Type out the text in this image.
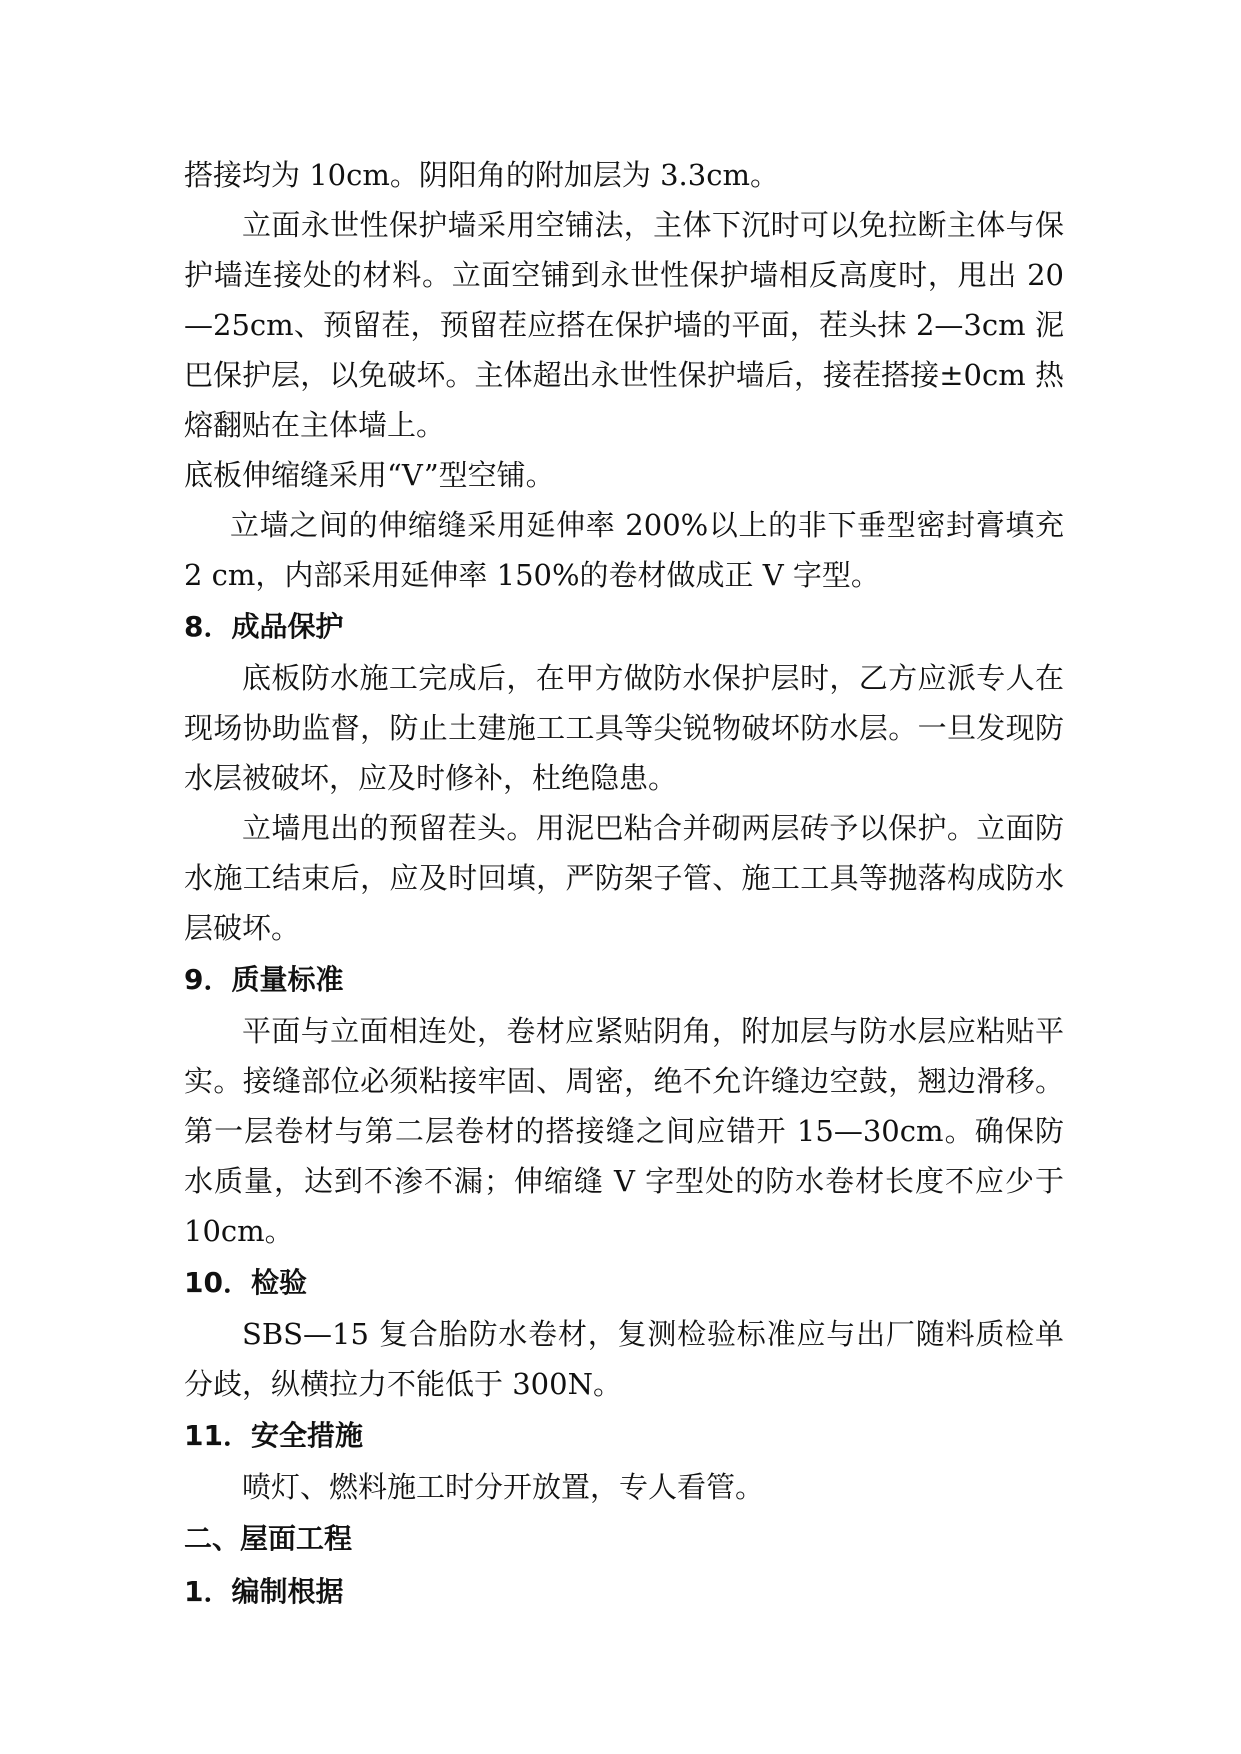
搭接均为 10cm。阴阳角的附加层为 3.3cm。

立面永世性保护墙采用空铺法，主体下沉时可以免拉断主体与保护墙连接处的材料。立面空铺到永世性保护墙相反高度时，甩出 20—25cm、预留茬，预留茬应搭在保护墙的平面，茬头抹 2—3cm 泥巴保护层，以免破坏。主体超出永世性保护墙后，接茬搭接±0cm 热熔翻贴在主体墙上。

底板伸缩缝采用“V”型空铺。

立墙之间的伸缩缝采用延伸率 200%以上的非下垂型密封膏填充 2 cm，内部采用延伸率 150%的卷材做成正 V 字型。

8．成品保护

底板防水施工完成后，在甲方做防水保护层时，乙方应派专人在现场协助监督，防止土建施工工具等尖锐物破坏防水层。一旦发现防水层被破坏，应及时修补，杜绝隐患。

立墙甩出的预留茬头。用泥巴粘合并砌两层砖予以保护。立面防水施工结束后，应及时回填，严防架子管、施工工具等抛落构成防水层破坏。

9．质量标准

平面与立面相连处，卷材应紧贴阴角，附加层与防水层应粘贴平实。接缝部位必须粘接牢固、周密，绝不允许缝边空鼓，翘边滑移。第一层卷材与第二层卷材的搭接缝之间应错开 15—30cm。确保防水质量，达到不渗不漏；伸缩缝 V 字型处的防水卷材长度不应少于 10cm。

10．检验

SBS—15 复合胎防水卷材，复测检验标准应与出厂随料质检单分歧，纵横拉力不能低于 300N。

11．安全措施

喷灯、燃料施工时分开放置，专人看管。

二、屋面工程
1．编制根据
